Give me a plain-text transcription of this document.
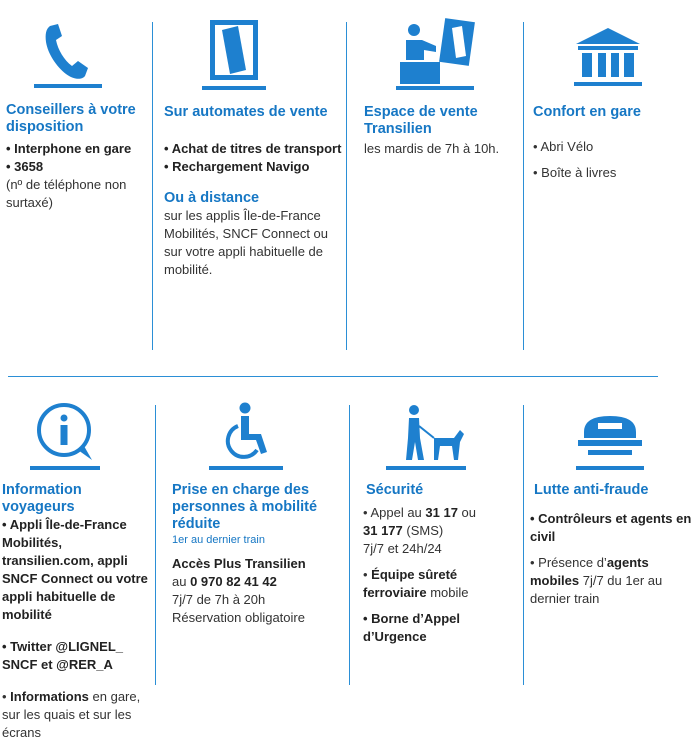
Conseillers à votre disposition

• Interphone en gare

• 3658

(nº de téléphone non surtaxé)

Sur automates de vente

• Achat de titres de transport

• Rechargement Navigo

Ou à distance

sur les applis Île-de-France Mobilités, SNCF Connect ou sur votre appli habituelle de mobilité.

Espace de vente Transilien

les mardis de 7h à 10h.

Confort en gare

• Abri Vélo

• Boîte à livres

Information voyageurs

• Appli Île-de-France Mobilités, transilien.com, appli SNCF Connect ou votre appli habituelle de mobilité

• Twitter @LIGNEL_ SNCF et @RER_A

• Informations en gare, sur les quais et sur les écrans

Prise en charge des personnes à mobilité réduite

1er au dernier train

Accès Plus Transilien

au 0 970 82 41 42

7j/7 de 7h à 20h

Réservation obligatoire

Sécurité

• Appel au 31 17 ou

31 177 (SMS)

7j/7 et 24h/24

• Équipe sûreté ferroviaire mobile

• Borne d’Appel d’Urgence

Lutte anti-fraude

• Contrôleurs et agents en civil

• Présence d’agents mobiles 7j/7 du 1er au dernier train
